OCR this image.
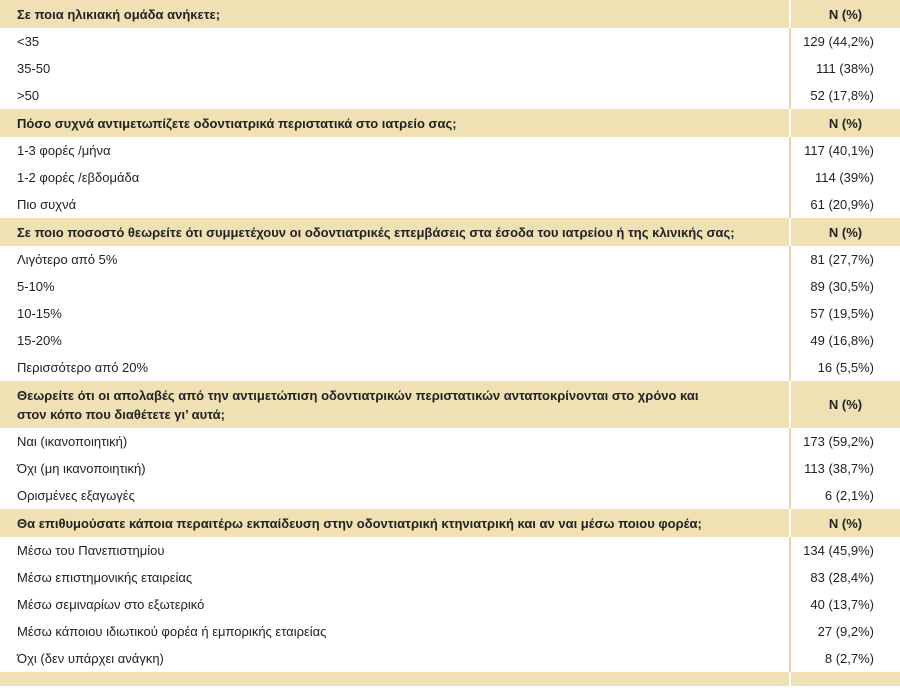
Σε ποια ηλικιακή ομάδα ανήκετε;	N (%)
<35	129 (44,2%)
35-50	111 (38%)
>50	52 (17,8%)
Πόσο συχνά αντιμετωπίζετε οδοντιατρικά περιστατικά στο ιατρείο σας;	N (%)
1-3 φορές /μήνα	117 (40,1%)
1-2 φορές /εβδομάδα	114 (39%)
Πιο συχνά	61 (20,9%)
Σε ποιο ποσοστό θεωρείτε ότι συμμετέχουν οι οδοντιατρικές επεμβάσεις στα έσοδα του ιατρείου ή της κλινικής σας;	N (%)
Λιγότερο από 5%	81 (27,7%)
5-10%	89 (30,5%)
10-15%	57 (19,5%)
15-20%	49 (16,8%)
Περισσότερο από 20%	16 (5,5%)
Θεωρείτε ότι οι απολαβές από την αντιμετώπιση οδοντιατρικών περιστατικών ανταποκρίνονται στο χρόνο και
στον κόπο που διαθέτετε γι’ αυτά;	N (%)
Ναι (ικανοποιητική)	173 (59,2%)
Όχι (μη ικανοποιητική)	113 (38,7%)
Ορισμένες εξαγωγές	6 (2,1%)
Θα επιθυμούσατε κάποια περαιτέρω εκπαίδευση στην οδοντιατρική κτηνιατρική και αν ναι μέσω ποιου φορέα;	N (%)
Μέσω του Πανεπιστημίου	134 (45,9%)
Μέσω επιστημονικής εταιρείας	83 (28,4%)
Μέσω σεμιναρίων στο εξωτερικό	40 (13,7%)
Μέσω κάποιου ιδιωτικού φορέα ή εμπορικής εταιρείας	27 (9,2%)
Όχι (δεν υπάρχει ανάγκη)	8 (2,7%)
